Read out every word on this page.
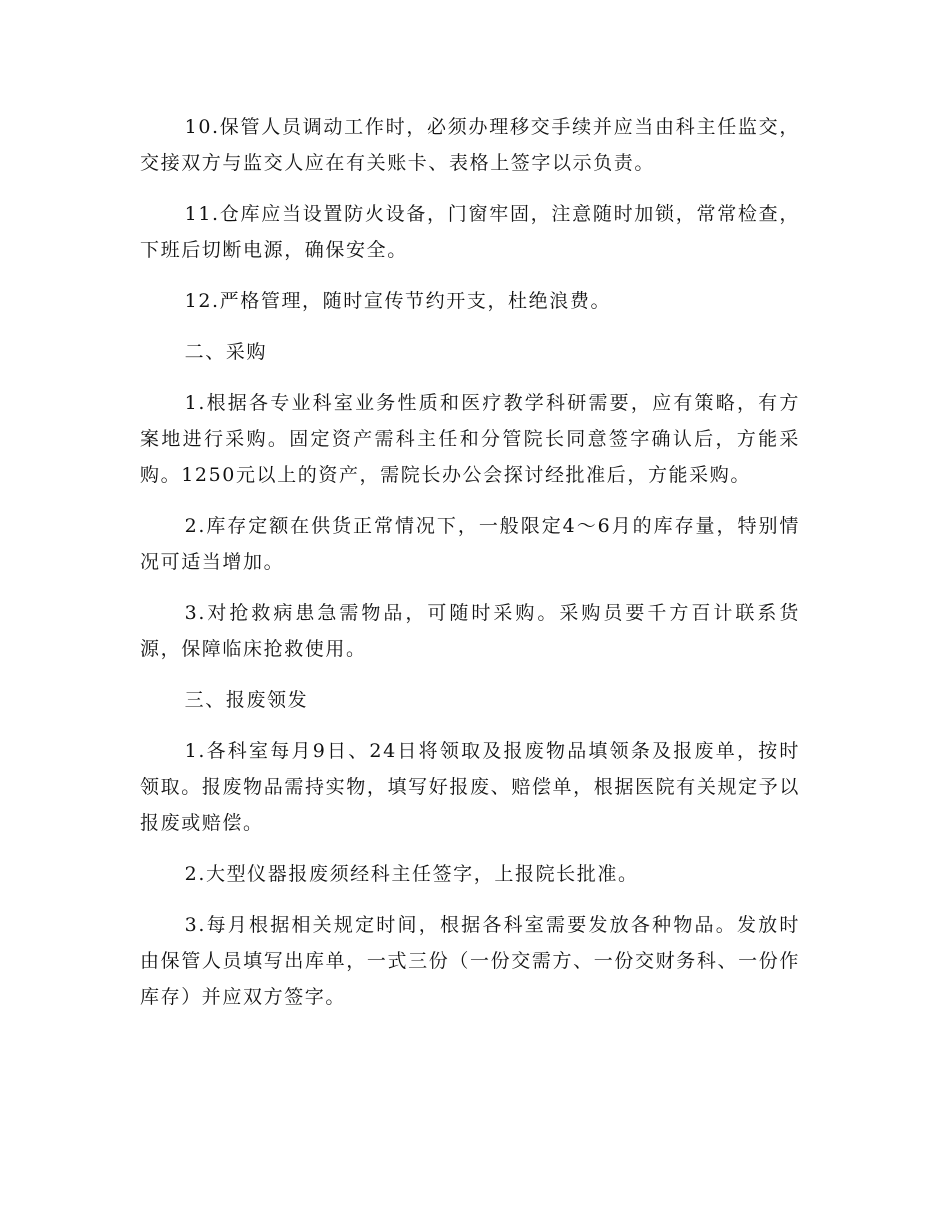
10.保管人员调动工作时，必须办理移交手续并应当由科主任监交，交接双方与监交人应在有关账卡、表格上签字以示负责。

11.仓库应当设置防火设备，门窗牢固，注意随时加锁，常常检查，下班后切断电源，确保安全。

12.严格管理，随时宣传节约开支，杜绝浪费。

二、采购

1.根据各专业科室业务性质和医疗教学科研需要，应有策略，有方案地进行采购。固定资产需科主任和分管院长同意签字确认后，方能采购。1250元以上的资产，需院长办公会探讨经批准后，方能采购。

2.库存定额在供货正常情况下，一般限定4～6月的库存量，特别情况可适当增加。

3.对抢救病患急需物品，可随时采购。采购员要千方百计联系货源，保障临床抢救使用。

三、报废领发

1.各科室每月9日、24日将领取及报废物品填领条及报废单，按时领取。报废物品需持实物，填写好报废、赔偿单，根据医院有关规定予以报废或赔偿。

2.大型仪器报废须经科主任签字，上报院长批准。

3.每月根据相关规定时间，根据各科室需要发放各种物品。发放时由保管人员填写出库单，一式三份（一份交需方、一份交财务科、一份作库存）并应双方签字。
